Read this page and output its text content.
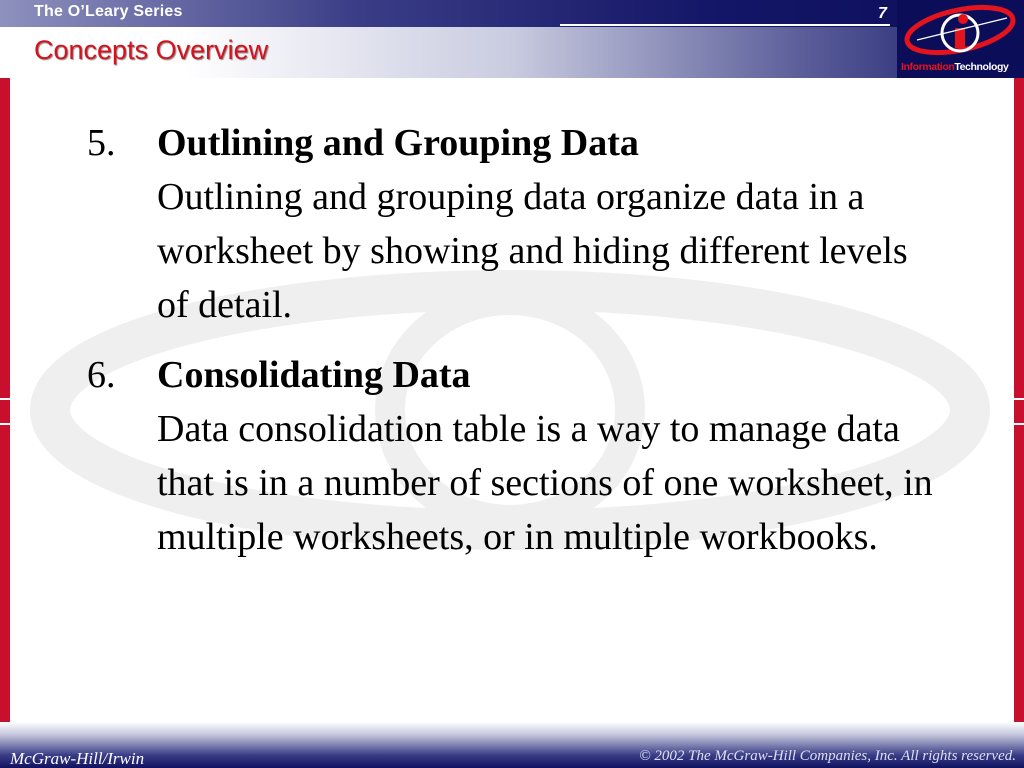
The O’Leary Series	7
Concepts Overview
InformationTechnology
5. Outlining and Grouping Data
Outlining and grouping data organize data in a worksheet by showing and hiding different levels of detail.
6. Consolidating Data
Data consolidation table is a way to manage data that is in a number of sections of one worksheet, in multiple worksheets, or in multiple workbooks.
McGraw-Hill/Irwin	© 2002 The McGraw-Hill Companies, Inc. All rights reserved.
